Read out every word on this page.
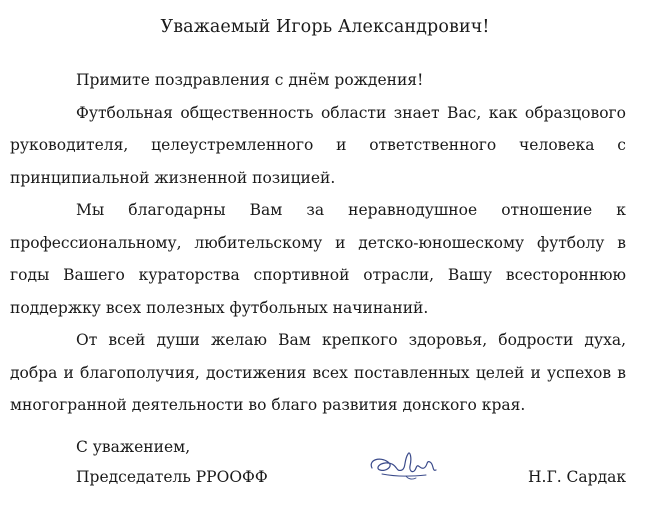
Уважаемый Игорь Александрович!

Примите поздравления с днём рождения!

Футбольная общественность области знает Вас, как образцового руководителя, целеустремленного и ответственного человека с принципиальной жизненной позицией.

Мы благодарны Вам за неравнодушное отношение к профессиональному, любительскому и детско-юношескому футболу в годы Вашего кураторства спортивной отрасли, Вашу всестороннюю поддержку всех полезных футбольных начинаний.

От всей души желаю Вам крепкого здоровья, бодрости духа, добра и благополучия, достижения всех поставленных целей и успехов в многогранной деятельности во благо развития донского края.

С уважением,
Председатель РРООФФ	Н.Г. Сардак
